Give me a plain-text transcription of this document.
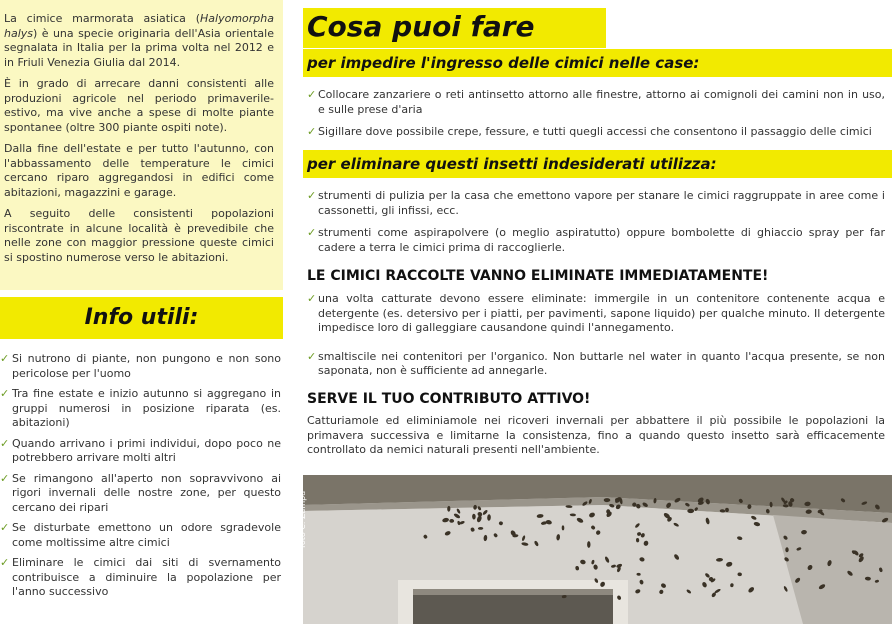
La cimice marmorata asiatica (Halyomorpha halys) è una specie originaria dell'Asia orientale segnalata in Italia per la prima volta nel 2012 e in Friuli Venezia Giulia dal 2014.

È in grado di arrecare danni consistenti alle produzioni agricole nel periodo primaverile-estivo, ma vive anche a spese di molte piante spontanee (oltre 300 piante ospiti note).

Dalla fine dell'estate e per tutto l'autunno, con l'abbassamento delle temperature le cimici cercano riparo aggregandosi in edifici come abitazioni, magazzini e garage.

A seguito delle consistenti popolazioni riscontrate in alcune località è prevedibile che nelle zone con maggior pressione queste cimici si spostino numerose verso le abitazioni.

Info utili:
✓ Si nutrono di piante, non pungono e non sono pericolose per l'uomo
✓ Tra fine estate e inizio autunno si aggregano in gruppi numerosi in posizione riparata (es. abitazioni)
✓ Quando arrivano i primi individui, dopo poco ne potrebbero arrivare molti altri
✓ Se rimangono all'aperto non sopravvivono ai rigori invernali delle nostre zone, per questo cercano dei ripari
✓ Se disturbate emettono un odore sgradevole come moltissime altre cimici
✓ Eliminare le cimici dai siti di svernamento contribuisce a diminuire la popolazione per l'anno successivo
Cosa puoi fare
per impedire l'ingresso delle cimici nelle case:
✓ Collocare zanzariere o reti antinsetto attorno alle finestre, attorno ai comignoli dei camini non in uso, e sulle prese d'aria
✓ Sigillare dove possibile crepe, fessure, e tutti quegli accessi che consentono il passaggio delle cimici
per eliminare questi insetti indesiderati utilizza:
✓ strumenti di pulizia per la casa che emettono vapore per stanare le cimici raggruppate in aree come i cassonetti, gli infissi, ecc.
✓ strumenti come aspirapolvere (o meglio aspiratutto) oppure bombolette di ghiaccio spray per far cadere a terra le cimici prima di raccoglierle.
LE CIMICI RACCOLTE VANNO ELIMINATE IMMEDIATAMENTE!
✓ una volta catturate devono essere eliminate: immergile in un contenitore contenente acqua e detergente (es. detersivo per i piatti, per pavimenti, sapone liquido) per qualche minuto. Il detergente impedisce loro di galleggiare causandone quindi l'annegamento.
✓ smaltiscile nei contenitori per l'organico. Non buttarle nel water in quanto l'acqua presente, se non saponata, non è sufficiente ad annegarle.
SERVE IL TUO CONTRIBUTO ATTIVO!

Catturiamole ed eliminiamole nei ricoveri invernali per abbattere il più possibile le popolazioni la primavera successiva e limitarne la consistenza, fino a quando questo insetto sarà efficacemente controllato da nemici naturali presenti nell'ambiente.

foto C. Zampa
